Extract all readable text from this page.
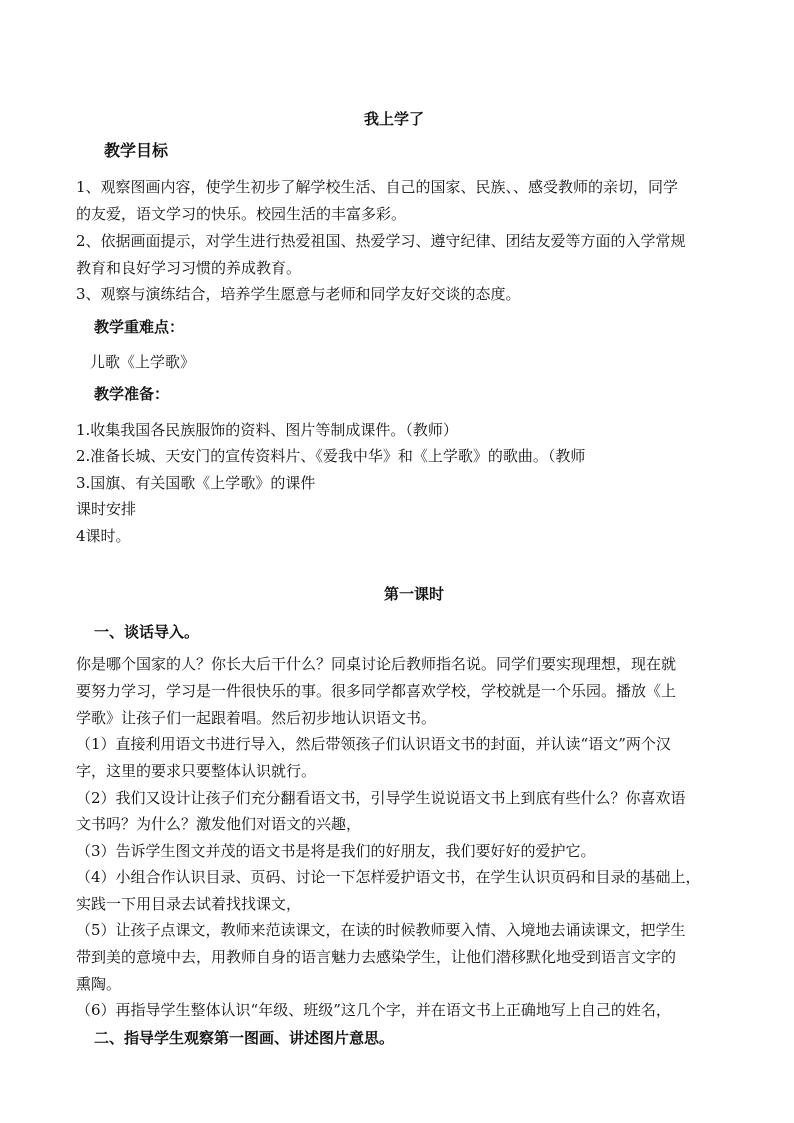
我上学了
教学目标
1、观察图画内容，使学生初步了解学校生活、自己的国家、民族、、感受教师的亲切，同学
的友爱，语文学习的快乐。校园生活的丰富多彩。
2、依据画面提示，对学生进行热爱祖国、热爱学习、遵守纪律、团结友爱等方面的入学常规
教育和良好学习习惯的养成教育。
3、观察与演练结合，培养学生愿意与老师和同学友好交谈的态度。
教学重难点：
儿歌《上学歌》
教学准备：
1.收集我国各民族服饰的资料、图片等制成课件。（教师）
2.准备长城、天安门的宣传资料片、《爱我中华》和《上学歌》的歌曲。（教师
3.国旗、有关国歌《上学歌》的课件
课时安排
4课时。
第一课时
一、谈话导入。
你是哪个国家的人？你长大后干什么？同桌讨论后教师指名说。同学们要实现理想，现在就
要努力学习，学习是一件很快乐的事。很多同学都喜欢学校，学校就是一个乐园。播放《上
学歌》让孩子们一起跟着唱。然后初步地认识语文书。
（1）直接利用语文书进行导入，然后带领孩子们认识语文书的封面，并认读“语文”两个汉
字，这里的要求只要整体认识就行。
（2）我们又设计让孩子们充分翻看语文书，引导学生说说语文书上到底有些什么？你喜欢语
文书吗？为什么？激发他们对语文的兴趣，
（3）告诉学生图文并茂的语文书是将是我们的好朋友，我们要好好的爱护它。
（4）小组合作认识目录、页码、讨论一下怎样爱护语文书，在学生认识页码和目录的基础上，
实践一下用目录去试着找找课文，
（5）让孩子点课文，教师来范读课文，在读的时候教师要入情、入境地去诵读课文，把学生
带到美的意境中去，用教师自身的语言魅力去感染学生，让他们潜移默化地受到语言文字的
熏陶。
（6）再指导学生整体认识“年级、班级”这几个字，并在语文书上正确地写上自己的姓名，
二、指导学生观察第一图画、讲述图片意思。
